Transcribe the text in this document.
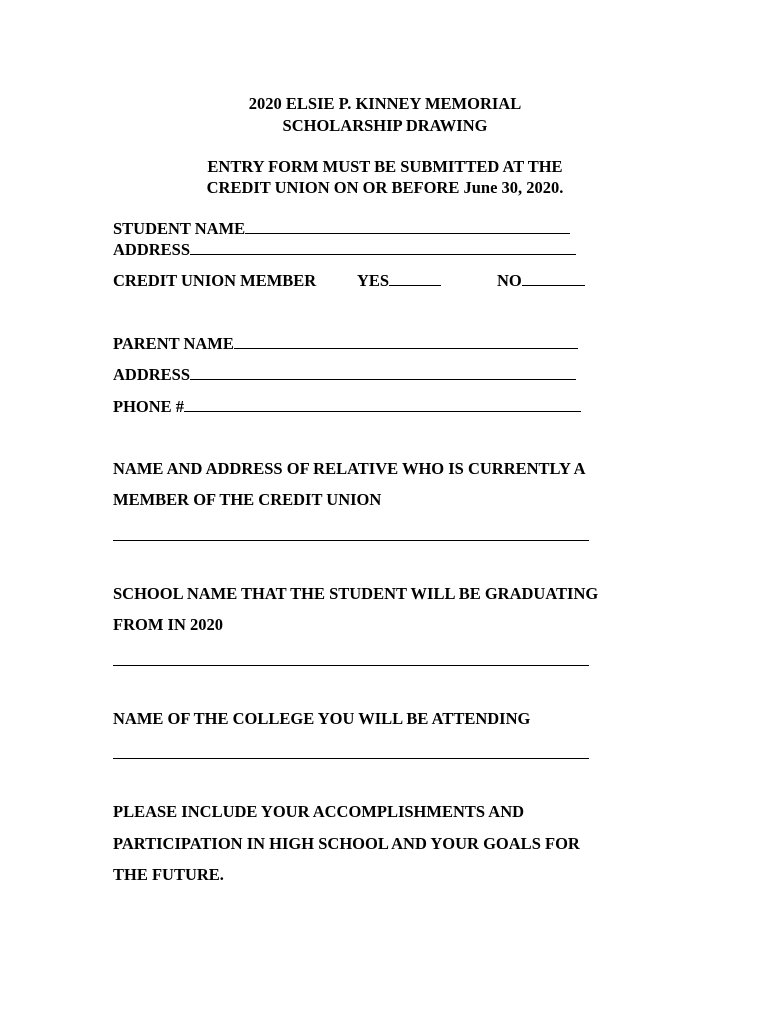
2020 ELSIE P. KINNEY MEMORIAL
SCHOLARSHIP DRAWING
ENTRY FORM MUST BE SUBMITTED AT THE
CREDIT UNION ON OR BEFORE June 30, 2020.
STUDENT NAME
ADDRESS
CREDIT UNION MEMBER YES	NO
PARENT NAME
ADDRESS
PHONE #
NAME AND ADDRESS OF RELATIVE WHO IS CURRENTLY A
MEMBER OF THE CREDIT UNION
SCHOOL NAME THAT THE STUDENT WILL BE GRADUATING
FROM IN 2020
NAME OF THE COLLEGE YOU WILL BE ATTENDING
PLEASE INCLUDE YOUR ACCOMPLISHMENTS AND
PARTICIPATION IN HIGH SCHOOL AND YOUR GOALS FOR
THE FUTURE.
